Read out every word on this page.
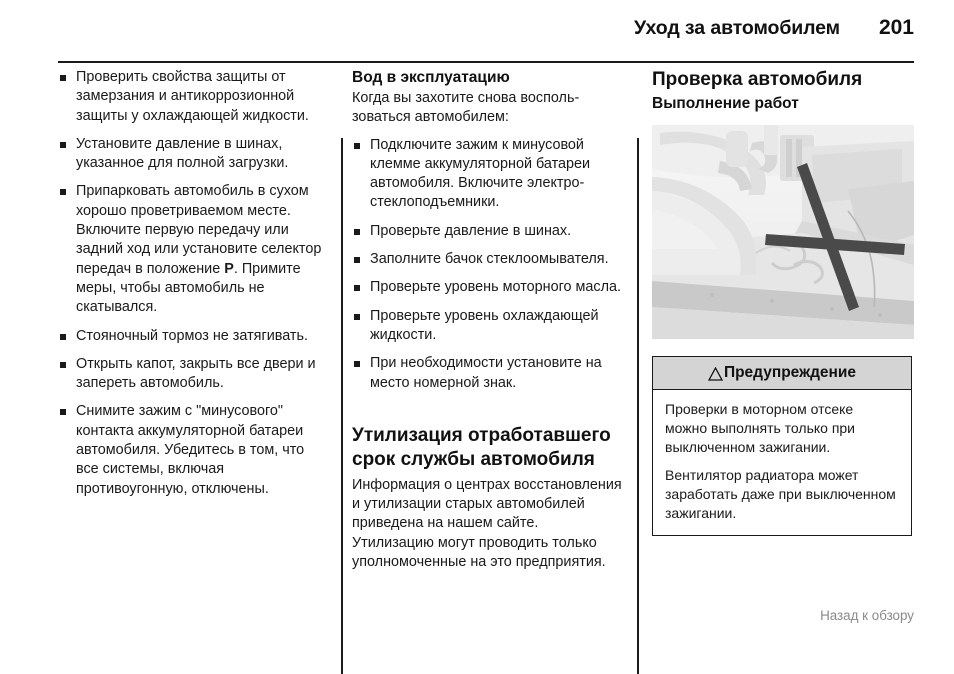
Уход за автомобилем 201
Проверить свойства защиты от замерзания и антикоррозионной защиты у охлаждающей жидкости.
Установите давление в шинах, указанное для полной загрузки.
Припарковать автомобиль в сухом хорошо проветриваемом месте. Включите первую передачу или задний ход или установите селектор передач в положение P. Примите меры, чтобы автомобиль не скатывался.
Стояночный тормоз не затягивать.
Открыть капот, закрыть все двери и запереть автомобиль.
Снимите зажим с "минусового" контакта аккумуляторной батареи автомобиля. Убедитесь в том, что все системы, включая противоугонную, отключены.
Вод в эксплуатацию

Когда вы захотите снова воспользоваться автомобилем:

Подключите зажим к минусовой клемме аккумуляторной батареи автомобиля. Включите электростеклоподъемники.
Проверьте давление в шинах.
Заполните бачок стеклоомывателя.
Проверьте уровень моторного масла.
Проверьте уровень охлаждающей жидкости.
При необходимости установите на место номерной знак.
Утилизация отработавшего срок службы автомобиля

Информация о центрах восстановления и утилизации старых автомобилей приведена на нашем сайте. Утилизацию могут проводить только уполномоченные на это предприятия.

Проверка автомобиля
Выполнение работ
Предупреждение

Проверки в моторном отсеке можно выполнять только при выключенном зажигании.

Вентилятор радиатора может заработать даже при выключенном зажигании.

Назад к обзору
